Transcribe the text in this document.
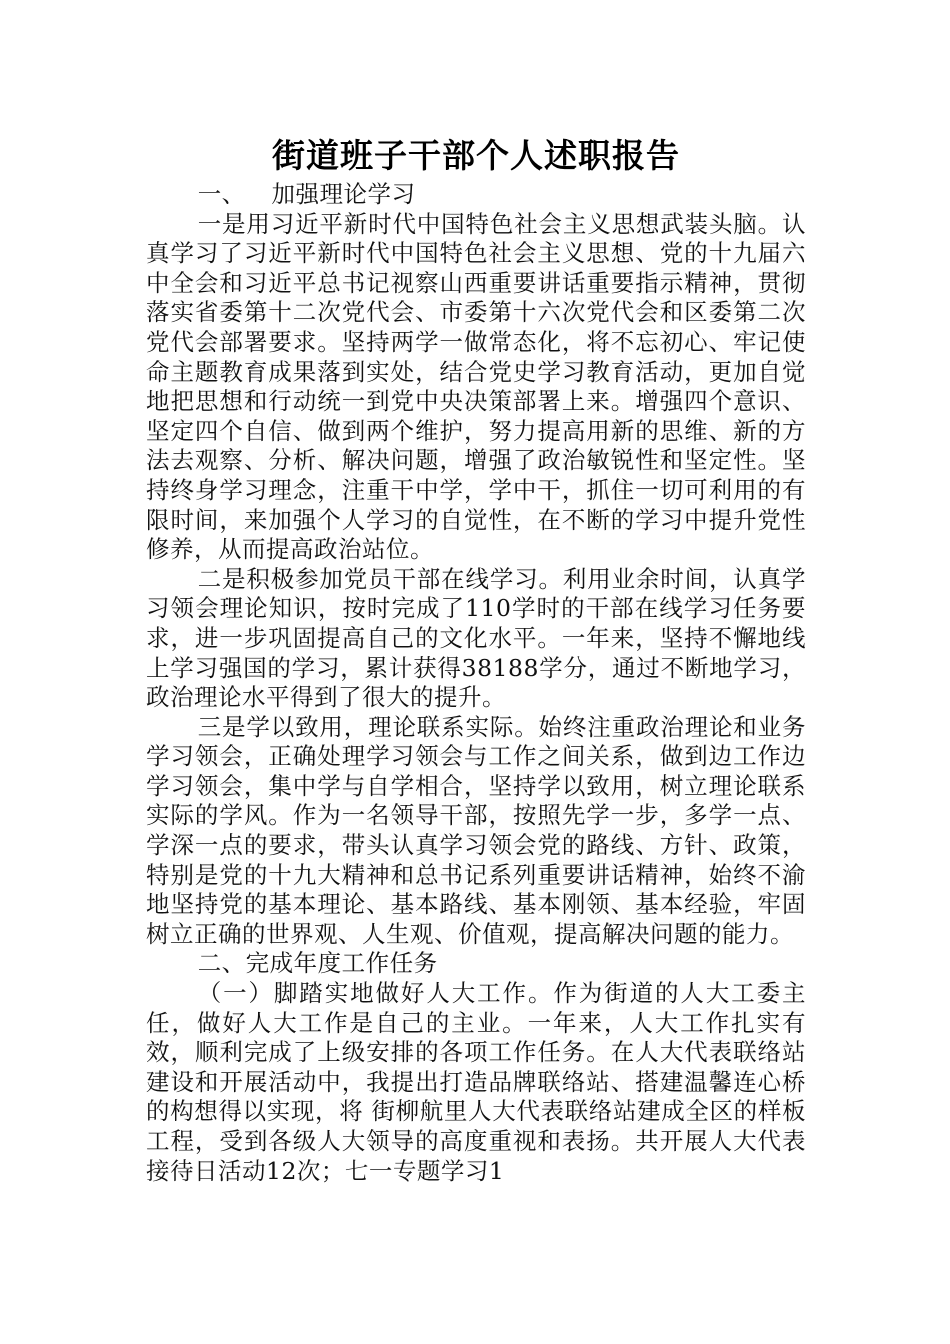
街道班子干部个人述职报告

一、 加强理论学习

一是用习近平新时代中国特色社会主义思想武装头脑。认真学习了习近平新时代中国特色社会主义思想、党的十九届六中全会和习近平总书记视察山西重要讲话重要指示精神，贯彻落实省委第十二次党代会、市委第十六次党代会和区委第二次党代会部署要求。坚持两学一做常态化，将不忘初心、牢记使命主题教育成果落到实处，结合党史学习教育活动，更加自觉地把思想和行动统一到党中央决策部署上来。增强四个意识、坚定四个自信、做到两个维护，努力提高用新的思维、新的方法去观察、分析、解决问题，增强了政治敏锐性和坚定性。坚持终身学习理念，注重干中学，学中干，抓住一切可利用的有限时间，来加强个人学习的自觉性，在不断的学习中提升党性修养，从而提高政治站位。

二是积极参加党员干部在线学习。利用业余时间，认真学习领会理论知识，按时完成了110学时的干部在线学习任务要求，进一步巩固提高自己的文化水平。一年来，坚持不懈地线上学习强国的学习，累计获得38188学分，通过不断地学习，政治理论水平得到了很大的提升。

三是学以致用，理论联系实际。始终注重政治理论和业务学习领会，正确处理学习领会与工作之间关系，做到边工作边学习领会，集中学与自学相合，坚持学以致用，树立理论联系实际的学风。作为一名领导干部，按照先学一步，多学一点、学深一点的要求，带头认真学习领会党的路线、方针、政策，特别是党的十九大精神和总书记系列重要讲话精神，始终不渝地坚持党的基本理论、基本路线、基本刚领、基本经验，牢固树立正确的世界观、人生观、价值观，提高解决问题的能力。

二、完成年度工作任务

（一）脚踏实地做好人大工作。作为街道的人大工委主任，做好人大工作是自己的主业。一年来，人大工作扎实有效，顺利完成了上级安排的各项工作任务。在人大代表联络站建设和开展活动中，我提出打造品牌联络站、搭建温馨连心桥的构想得以实现，将 街柳航里人大代表联络站建成全区的样板工程，受到各级人大领导的高度重视和表扬。共开展人大代表接待日活动12次；七一专题学习1
